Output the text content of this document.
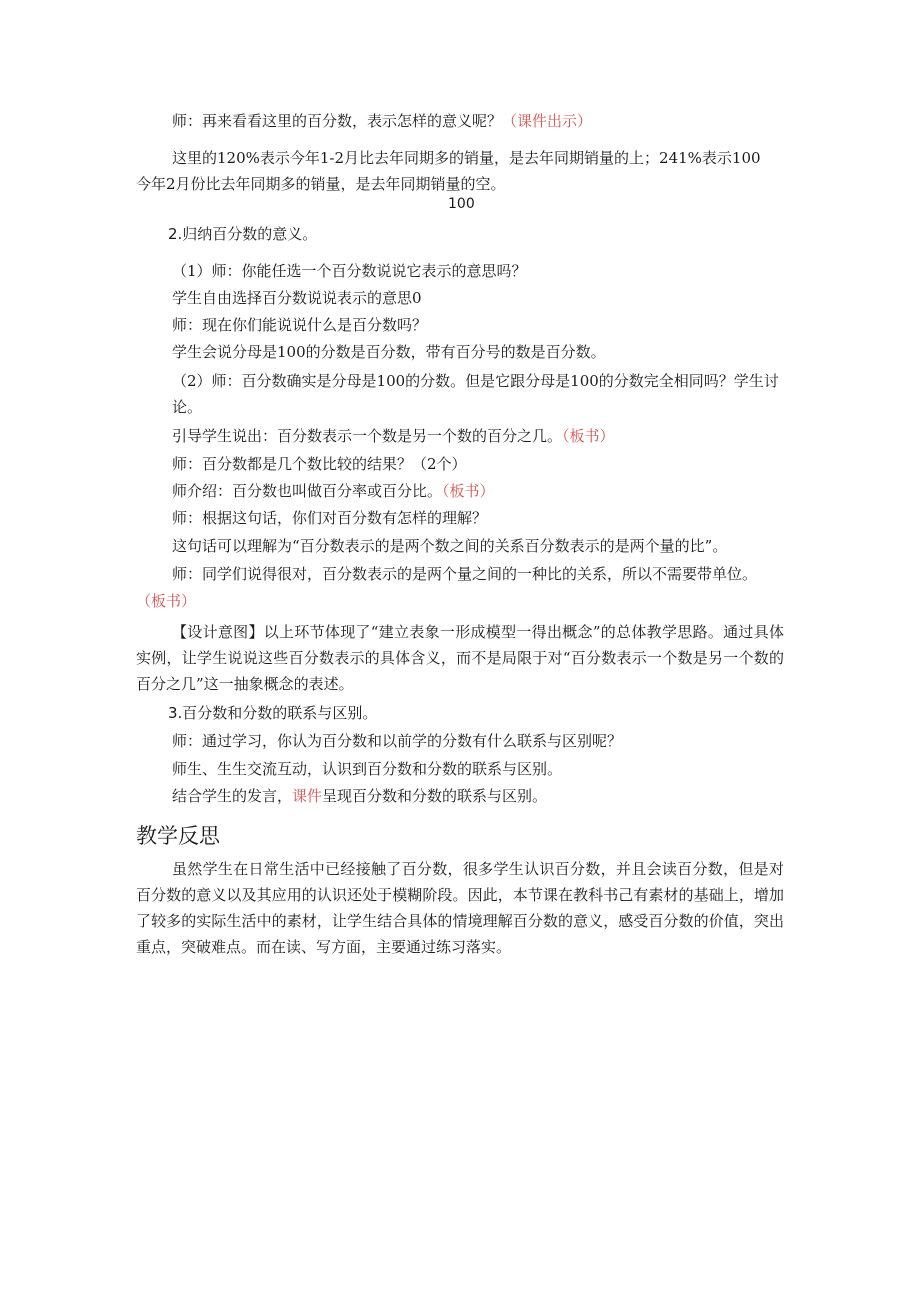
师：再来看看这里的百分数，表示怎样的意义呢？（课件出示）
这里的120%表示今年1-2月比去年同期多的销量，是去年同期销量的上；241%表示100
今年2月份比去年同期多的销量，是去年同期销量的空。
100
2.归纳百分数的意义。
（1）师：你能任选一个百分数说说它表示的意思吗？
学生自由选择百分数说说表示的意思0
师：现在你们能说说什么是百分数吗？
学生会说分母是100的分数是百分数，带有百分号的数是百分数。
（2）师：百分数确实是分母是100的分数。但是它跟分母是100的分数完全相同吗？学生讨
论。
引导学生说出：百分数表示一个数是另一个数的百分之几。（板书）
师：百分数都是几个数比较的结果？（2个）
师介绍：百分数也叫做百分率或百分比。（板书）
师：根据这句话，你们对百分数有怎样的理解？
这句话可以理解为“百分数表示的是两个数之间的关系百分数表示的是两个量的比”。
师：同学们说得很对，百分数表示的是两个量之间的一种比的关系，所以不需要带单位。
（板书）
【设计意图】以上环节体现了“建立表象一形成模型一得出概念”的总体教学思路。通过具体实例，让学生说说这些百分数表示的具体含义，而不是局限于对“百分数表示一个数是另一个数的百分之几”这一抽象概念的表述。
3.百分数和分数的联系与区别。
师：通过学习，你认为百分数和以前学的分数有什么联系与区别呢？
师生、生生交流互动，认识到百分数和分数的联系与区别。
结合学生的发言，课件呈现百分数和分数的联系与区别。
教学反思
虽然学生在日常生活中已经接触了百分数，很多学生认识百分数，并且会读百分数，但是对百分数的意义以及其应用的认识还处于模糊阶段。因此，本节课在教科书己有素材的基础上，增加了较多的实际生活中的素材，让学生结合具体的情境理解百分数的意义，感受百分数的价值，突出重点，突破难点。而在读、写方面，主要通过练习落实。
